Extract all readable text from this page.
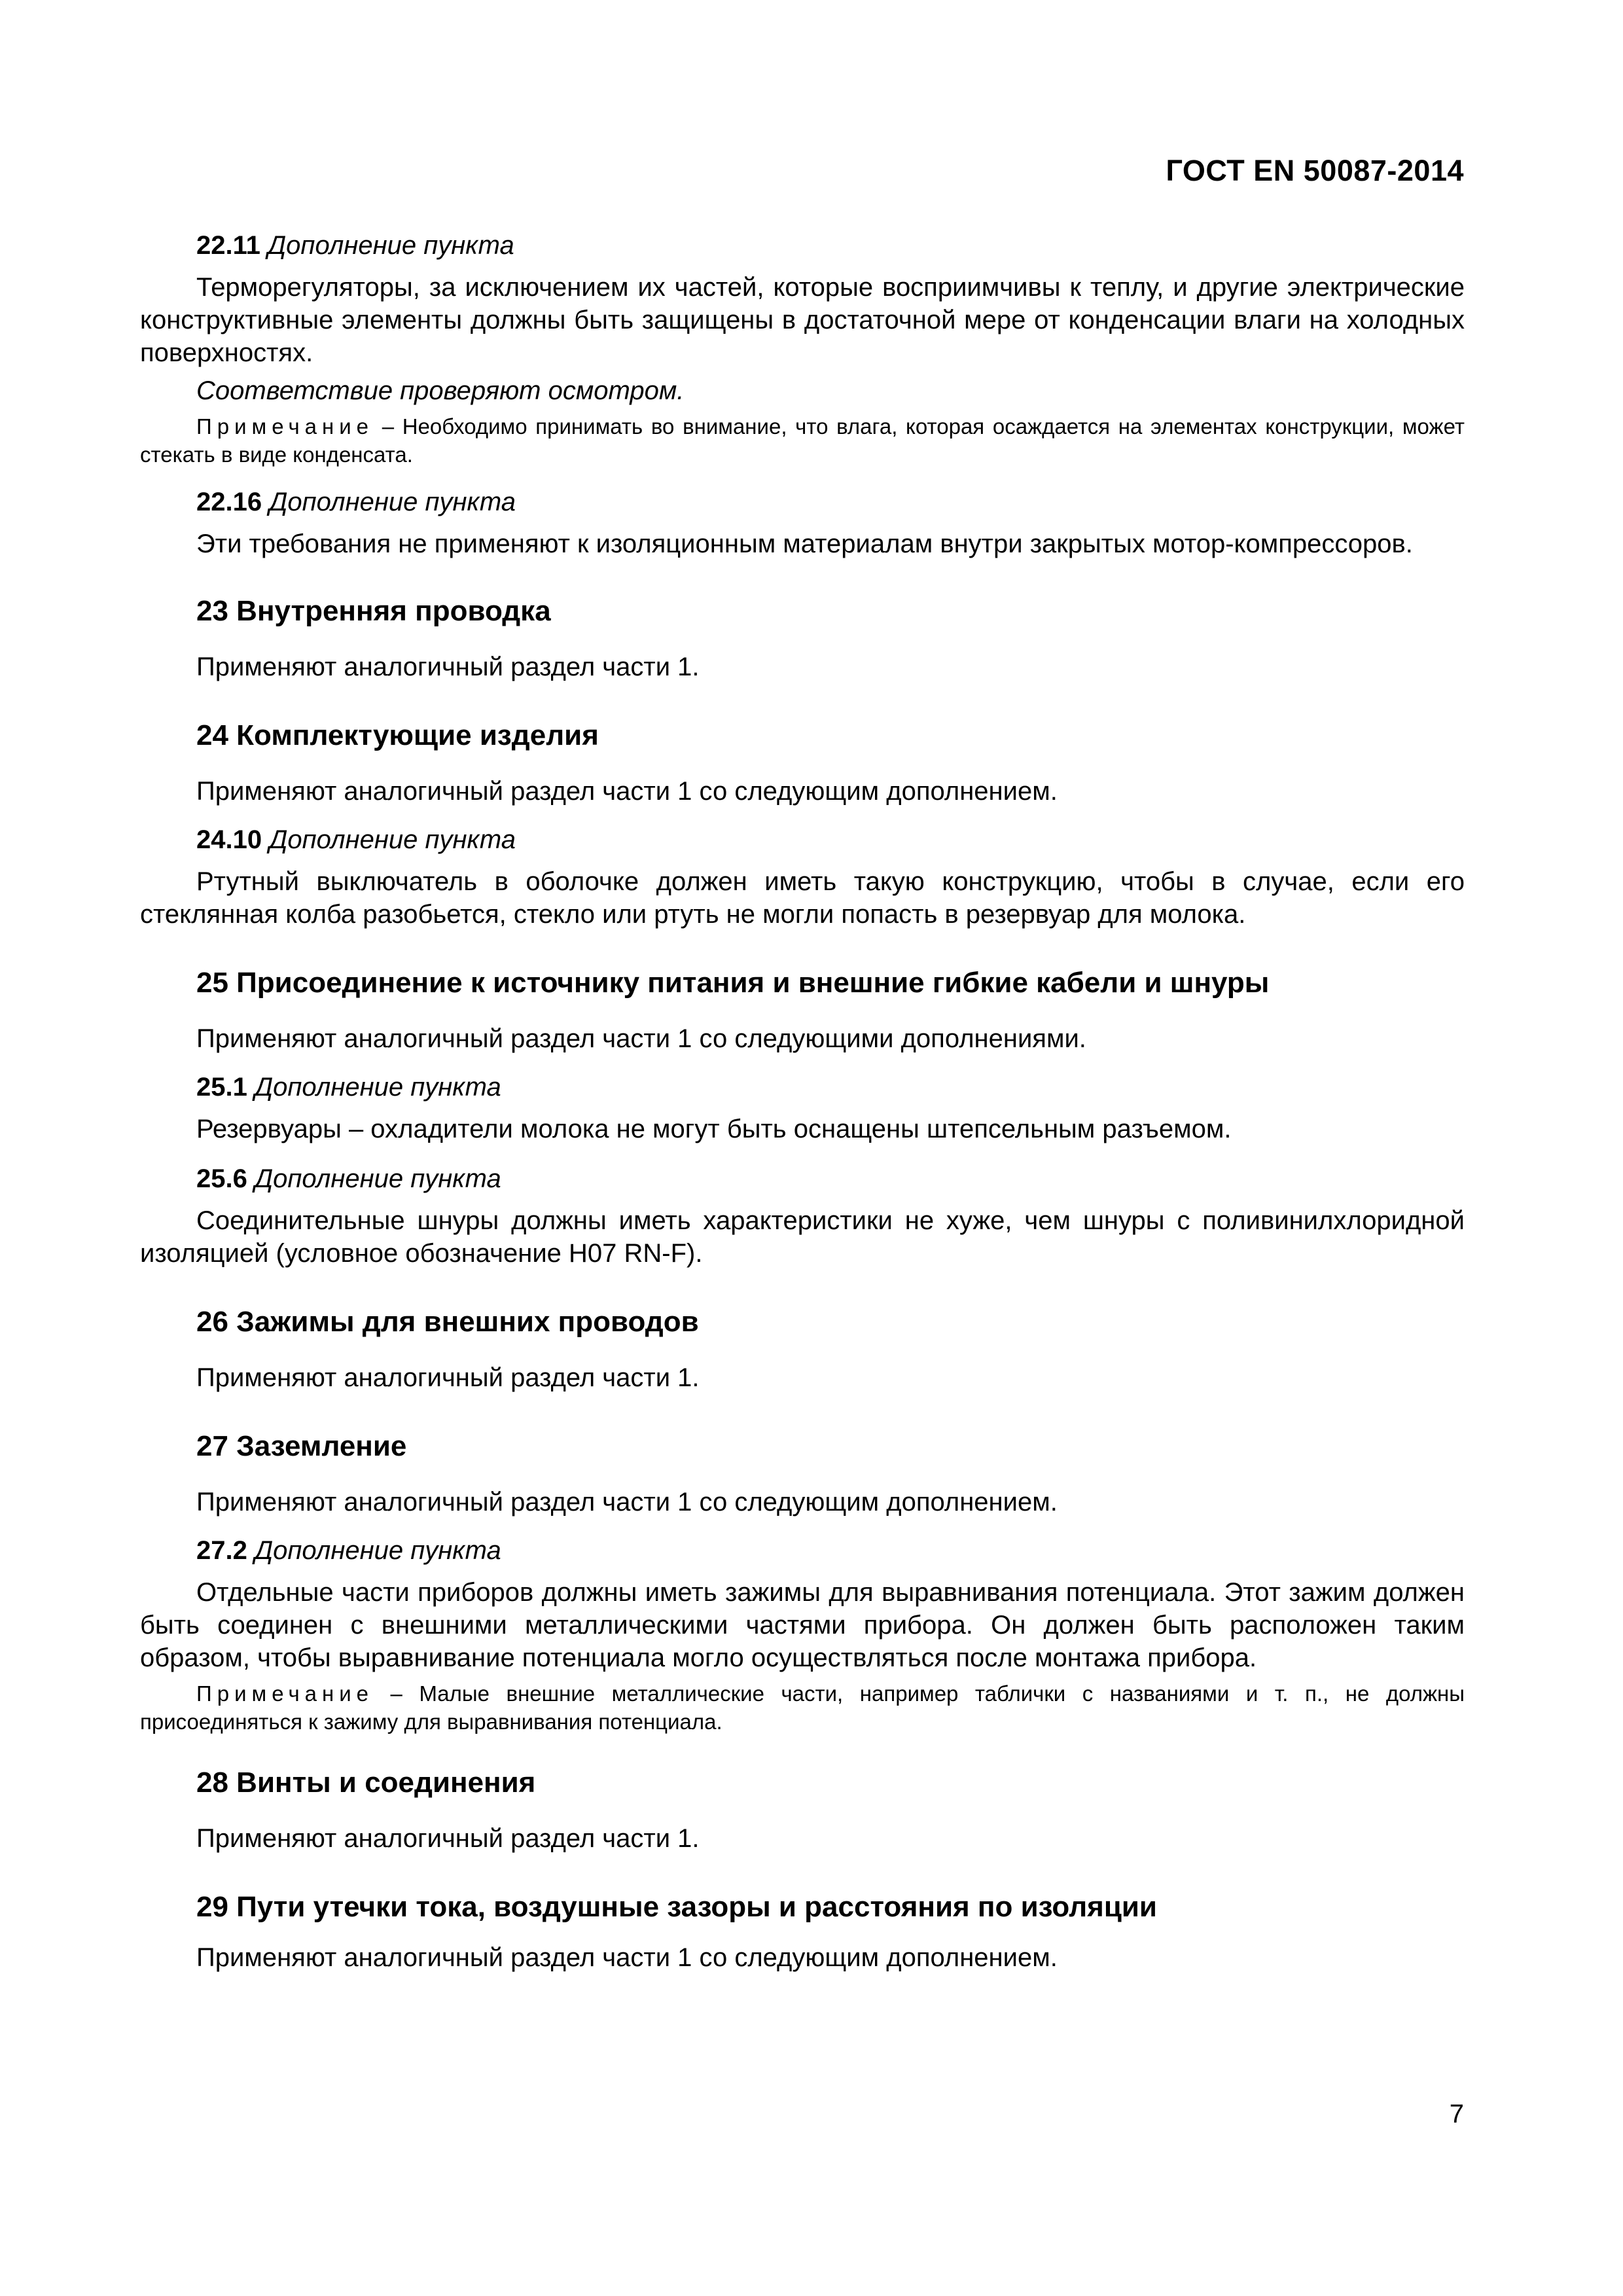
ГОСТ EN 50087-2014

22.11 Дополнение пункта

Терморегуляторы, за исключением их частей, которые восприимчивы к теплу, и другие электрические конструктивные элементы должны быть защищены в достаточной мере от конденсации влаги на холодных поверхностях.

Соответствие проверяют осмотром.

Примечание – Необходимо принимать во внимание, что влага, которая осаждается на элементах конструкции, может стекать в виде конденсата.

22.16 Дополнение пункта

Эти требования не применяют к изоляционным материалам внутри закрытых мотор-компрессоров.

23 Внутренняя проводка

Применяют аналогичный раздел части 1.

24 Комплектующие изделия

Применяют аналогичный раздел части 1 со следующим дополнением.

24.10 Дополнение пункта

Ртутный выключатель в оболочке должен иметь такую конструкцию, чтобы в случае, если его стеклянная колба разобьется, стекло или ртуть не могли попасть в резервуар для молока.

25 Присоединение к источнику питания и внешние гибкие кабели и шнуры

Применяют аналогичный раздел части 1 со следующими дополнениями.

25.1 Дополнение пункта

Резервуары – охладители молока не могут быть оснащены штепсельным разъемом.

25.6 Дополнение пункта

Соединительные шнуры должны иметь характеристики не хуже, чем шнуры с поливинилхлоридной изоляцией (условное обозначение H07 RN-F).

26 Зажимы для внешних проводов

Применяют аналогичный раздел части 1.

27 Заземление

Применяют аналогичный раздел части 1 со следующим дополнением.

27.2 Дополнение пункта

Отдельные части приборов должны иметь зажимы для выравнивания потенциала. Этот зажим должен быть соединен с внешними металлическими частями прибора. Он должен быть расположен таким образом, чтобы выравнивание потенциала могло осуществляться после монтажа прибора.

Примечание – Малые внешние металлические части, например таблички с названиями и т. п., не должны присоединяться к зажиму для выравнивания потенциала.

28 Винты и соединения

Применяют аналогичный раздел части 1.

29 Пути утечки тока, воздушные зазоры и расстояния по изоляции

Применяют аналогичный раздел части 1 со следующим дополнением.

7
